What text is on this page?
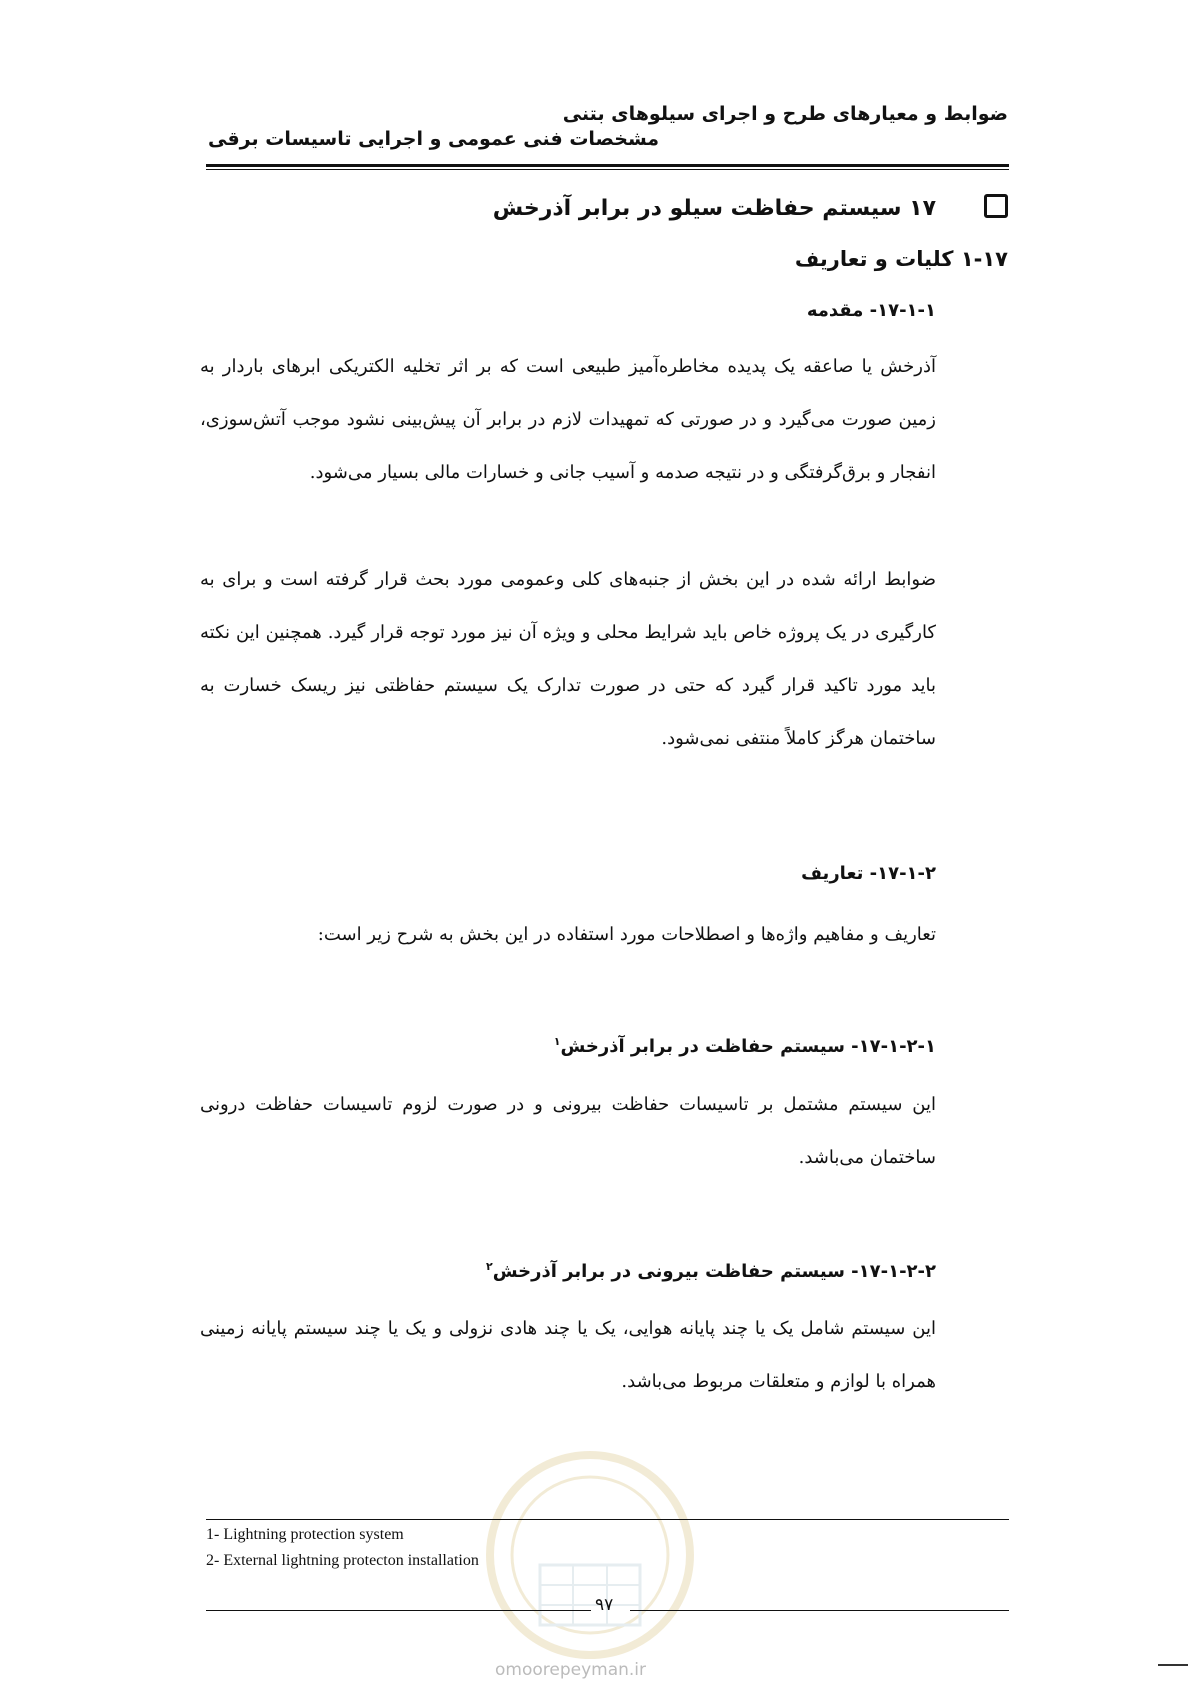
ضوابط و معیارهای طرح و اجرای سیلوهای بتنی
مشخصات فنی عمومی و اجرایی تاسیسات برقی
۱۷ سیستم حفاظت سیلو در برابر آذرخش
۱-۱۷ کلیات و تعاریف
۱۷-۱-۱- مقدمه
آذرخش یا صاعقه یک پدیده مخاطره‌آمیز طبیعی است که بر اثر تخلیه الکتریکی ابرهای باردار به زمین صورت می‌گیرد و در صورتی که تمهیدات لازم در برابر آن پیش‌بینی نشود موجب آتش‌سوزی، انفجار و برق‌گرفتگی و در نتیجه صدمه و آسیب جانی و خسارات مالی بسیار می‌شود.
ضوابط ارائه شده در این بخش از جنبه‌های کلی وعمومی مورد بحث قرار گرفته است و برای به کارگیری در یک پروژه خاص باید شرایط محلی و ویژه آن نیز مورد توجه قرار گیرد. همچنین این نکته باید مورد تاکید قرار گیرد که حتی در صورت تدارک یک سیستم حفاظتی نیز ریسک خسارت به ساختمان هرگز کاملاً منتفی نمی‌شود.
۱۷-۱-۲- تعاریف
تعاریف و مفاهیم واژه‌ها و اصطلاحات مورد استفاده در این بخش به شرح زیر است:
۱۷-۱-۲-۱- سیستم حفاظت در برابر آذرخش$^۱$
این سیستم مشتمل بر تاسیسات حفاظت بیرونی و در صورت لزوم تاسیسات حفاظت درونی ساختمان می‌باشد.
۱۷-۱-۲-۲- سیستم حفاظت بیرونی در برابر آذرخش$^۲$
این سیستم شامل یک یا چند پایانه هوایی، یک یا چند هادی نزولی و یک یا چند سیستم پایانه زمینی همراه با لوازم و متعلقات مربوط می‌باشد.
1- Lightning protection system
2- External lightning protecton installation
۹۷
omoorepeyman.ir
